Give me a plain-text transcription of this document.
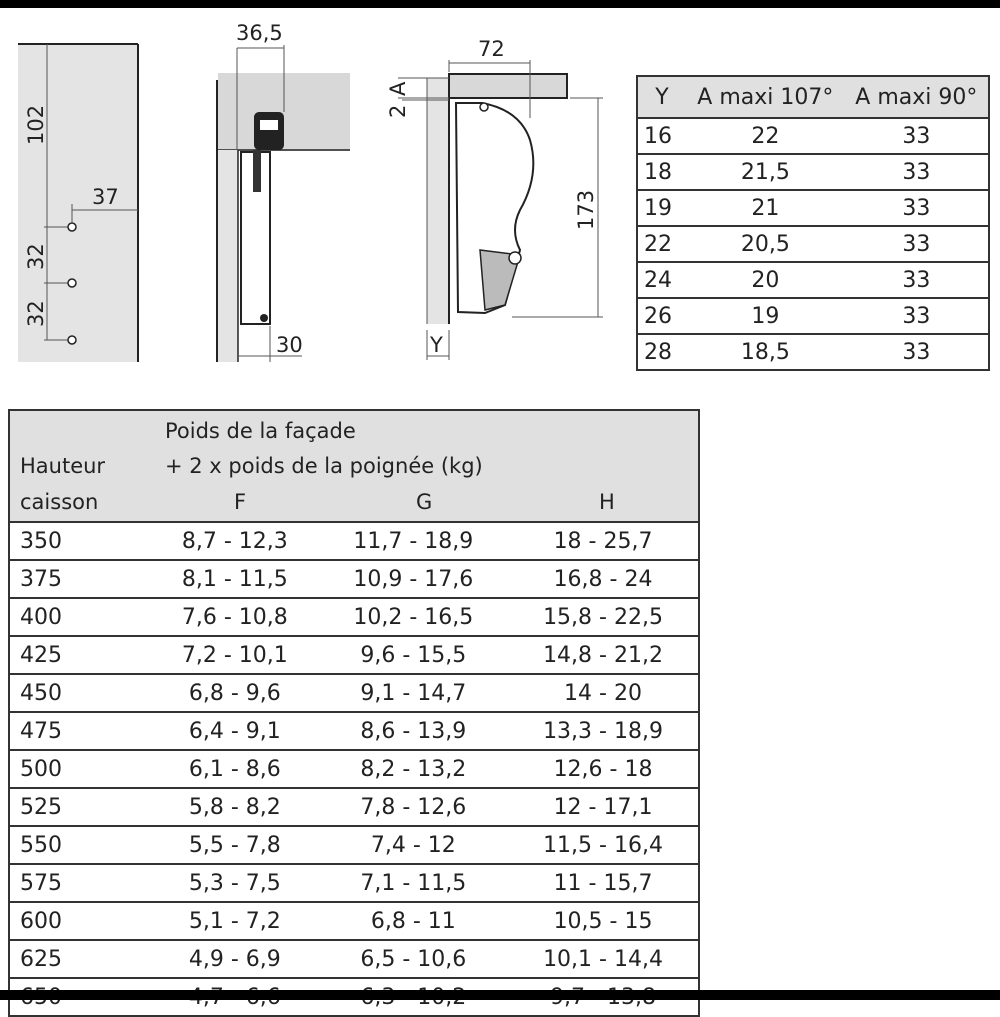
102
37
32
32
36,5
30
72
A
2
173
Y
Y	A maxi 107°	A maxi 90°
16	22	33
18	21,5	33
19	21	33
22	20,5	33
24	20	33
26	19	33
28	18,5	33
Poids de la façade
Hauteur	+ 2 x poids de la poignée (kg)
caisson	F	G	H

350	8,7 - 12,3	11,7 - 18,9	18 - 25,7
375	8,1 - 11,5	10,9 - 17,6	16,8 - 24
400	7,6 - 10,8	10,2 - 16,5	15,8 - 22,5
425	7,2 - 10,1	9,6 - 15,5	14,8 - 21,2
450	6,8 - 9,6	9,1 - 14,7	14 - 20
475	6,4 - 9,1	8,6 - 13,9	13,3 - 18,9
500	6,1 - 8,6	8,2 - 13,2	12,6 - 18
525	5,8 - 8,2	7,8 - 12,6	12 - 17,1
550	5,5 - 7,8	7,4 - 12	11,5 - 16,4
575	5,3 - 7,5	7,1 - 11,5	11 - 15,7
600	5,1 - 7,2	6,8 - 11	10,5 - 15
625	4,9 - 6,9	6,5 - 10,6	10,1 - 14,4
